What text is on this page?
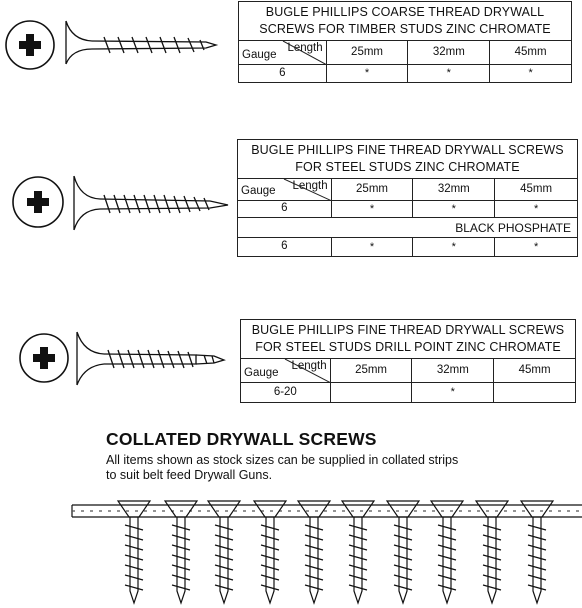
BUGLE PHILLIPS COARSE THREAD DRYWALL
SCREWS FOR TIMBER STUDS ZINC CHROMATE			

Gauge
Length	25mm	32mm	45mm
6	*	*	*
BUGLE PHILLIPS FINE THREAD DRYWALL SCREWS
FOR STEEL STUDS ZINC CHROMATE			

Gauge Length	25mm	32mm	45mm
6	*	*	*
BLACK PHOSPHATE			
6	*	*	*
BUGLE PHILLIPS FINE THREAD DRYWALL SCREWS
FOR STEEL STUDS DRILL POINT ZINC CHROMATE			

Gauge
Length	25mm	32mm	45mm
6-20		*	
COLLATED DRYWALL SCREWS
All items shown as stock sizes can be supplied in collated strips
to suit belt feed Drywall Guns.
